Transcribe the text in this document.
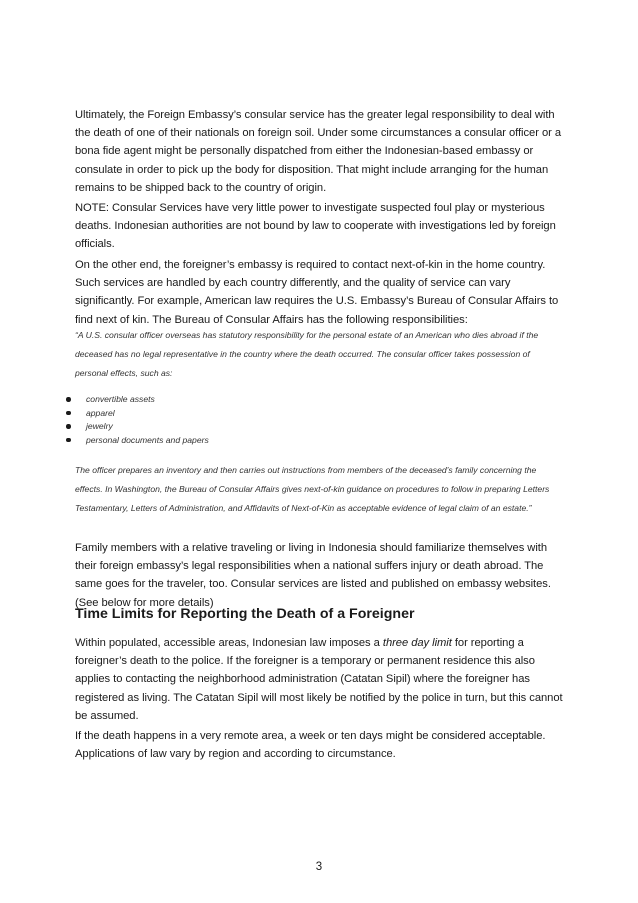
Ultimately, the Foreign Embassy’s consular service has the greater legal responsibility to deal with the death of one of their nationals on foreign soil. Under some circumstances a consular officer or a bona fide agent might be personally dispatched from either the Indonesian-based embassy or consulate in order to pick up the body for disposition. That might include arranging for the human remains to be shipped back to the country of origin.

NOTE: Consular Services have very little power to investigate suspected foul play or mysterious deaths. Indonesian authorities are not bound by law to cooperate with investigations led by foreign officials.

On the other end, the foreigner’s embassy is required to contact next-of-kin in the home country. Such services are handled by each country differently, and the quality of service can vary significantly. For example, American law requires the U.S. Embassy’s Bureau of Consular Affairs to find next of kin. The Bureau of Consular Affairs has the following responsibilities:

“A U.S. consular officer overseas has statutory responsibility for the personal estate of an American who dies abroad if the deceased has no legal representative in the country where the death occurred. The consular officer takes possession of personal effects, such as:

convertible assets
apparel
jewelry
personal documents and papers

The officer prepares an inventory and then carries out instructions from members of the deceased’s family concerning the effects. In Washington, the Bureau of Consular Affairs gives next-of-kin guidance on procedures to follow in preparing Letters Testamentary, Letters of Administration, and Affidavits of Next-of-Kin as acceptable evidence of legal claim of an estate.”

Family members with a relative traveling or living in Indonesia should familiarize themselves with their foreign embassy’s legal responsibilities when a national suffers injury or death abroad. The same goes for the traveler, too. Consular services are listed and published on embassy websites. (See below for more details)

Time Limits for Reporting the Death of a Foreigner

Within populated, accessible areas, Indonesian law imposes a three day limit for reporting a foreigner’s death to the police. If the foreigner is a temporary or permanent residence this also applies to contacting the neighborhood administration (Catatan Sipil) where the foreigner has registered as living. The Catatan Sipil will most likely be notified by the police in turn, but this cannot be assumed.

If the death happens in a very remote area, a week or ten days might be considered acceptable. Applications of law vary by region and according to circumstance.

3
